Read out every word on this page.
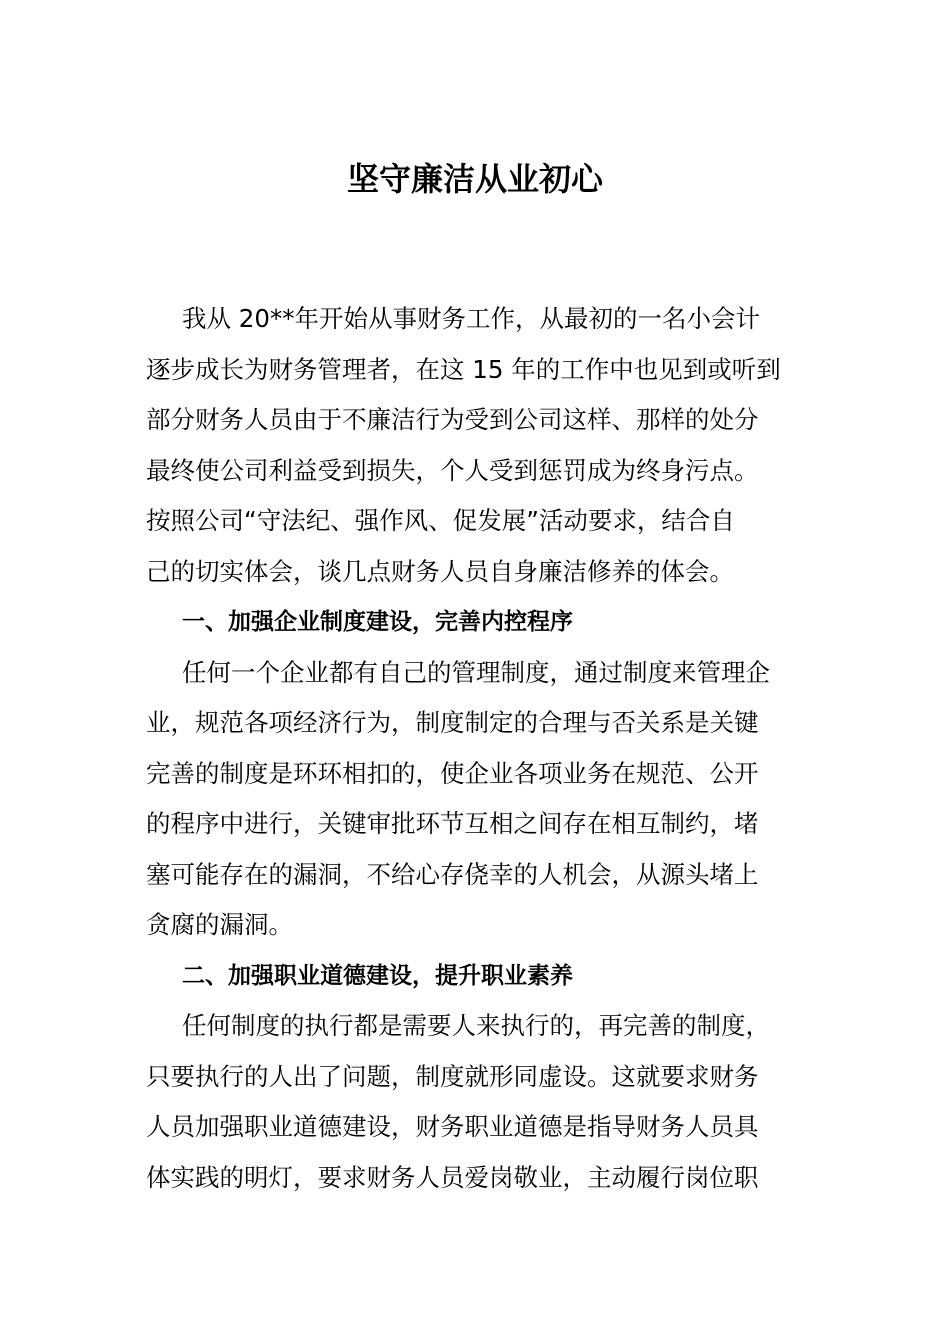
坚守廉洁从业初心
我从 20**年开始从事财务工作，从最初的一名小会计
逐步成长为财务管理者，在这 15 年的工作中也见到或听到
部分财务人员由于不廉洁行为受到公司这样、那样的处分
最终使公司利益受到损失，个人受到惩罚成为终身污点。
按照公司“守法纪、强作风、促发展”活动要求，结合自
己的切实体会，谈几点财务人员自身廉洁修养的体会。
一、加强企业制度建设，完善内控程序
任何一个企业都有自己的管理制度，通过制度来管理企
业，规范各项经济行为，制度制定的合理与否关系是关键
完善的制度是环环相扣的，使企业各项业务在规范、公开
的程序中进行，关键审批环节互相之间存在相互制约，堵
塞可能存在的漏洞，不给心存侥幸的人机会，从源头堵上
贪腐的漏洞。
二、加强职业道德建设，提升职业素养
任何制度的执行都是需要人来执行的，再完善的制度，
只要执行的人出了问题，制度就形同虚设。这就要求财务
人员加强职业道德建设，财务职业道德是指导财务人员具
体实践的明灯，要求财务人员爱岗敬业，主动履行岗位职
